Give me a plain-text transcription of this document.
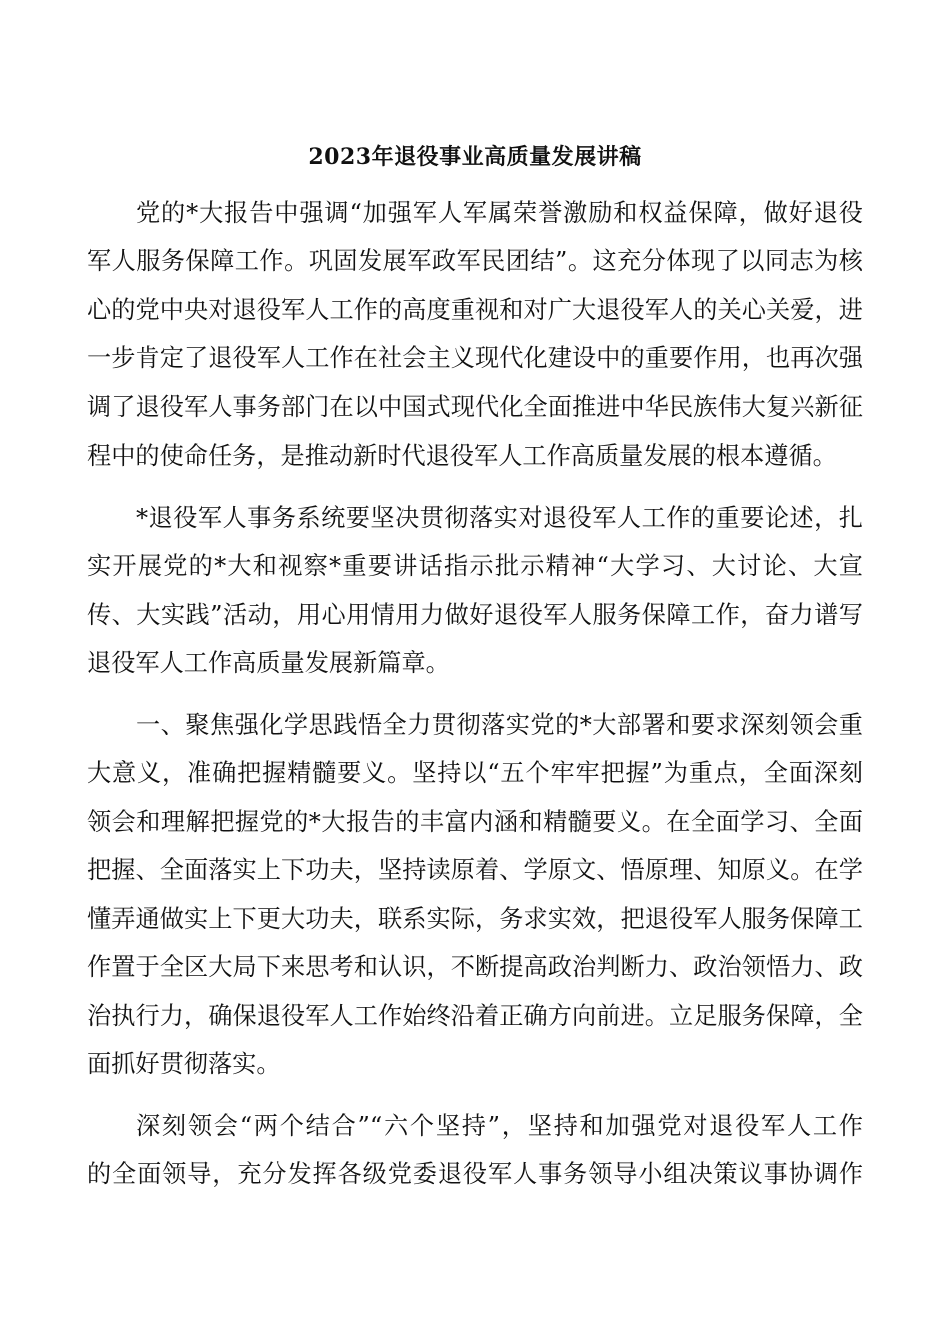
2023年退役事业高质量发展讲稿
党的*大报告中强调“加强军人军属荣誉激励和权益保障，做好退役
军人服务保障工作。巩固发展军政军民团结”。这充分体现了以同志为核
心的党中央对退役军人工作的高度重视和对广大退役军人的关心关爱，进
一步肯定了退役军人工作在社会主义现代化建设中的重要作用，也再次强
调了退役军人事务部门在以中国式现代化全面推进中华民族伟大复兴新征
程中的使命任务，是推动新时代退役军人工作高质量发展的根本遵循。
*退役军人事务系统要坚决贯彻落实对退役军人工作的重要论述，扎
实开展党的*大和视察*重要讲话指示批示精神“大学习、大讨论、大宣
传、大实践”活动，用心用情用力做好退役军人服务保障工作，奋力谱写
退役军人工作高质量发展新篇章。
一、聚焦强化学思践悟全力贯彻落实党的*大部署和要求深刻领会重
大意义，准确把握精髓要义。坚持以“五个牢牢把握”为重点，全面深刻
领会和理解把握党的*大报告的丰富内涵和精髓要义。在全面学习、全面
把握、全面落实上下功夫，坚持读原着、学原文、悟原理、知原义。在学
懂弄通做实上下更大功夫，联系实际，务求实效，把退役军人服务保障工
作置于全区大局下来思考和认识，不断提高政治判断力、政治领悟力、政
治执行力，确保退役军人工作始终沿着正确方向前进。立足服务保障，全
面抓好贯彻落实。
深刻领会“两个结合”“六个坚持”，坚持和加强党对退役军人工作
的全面领导，充分发挥各级党委退役军人事务领导小组决策议事协调作
